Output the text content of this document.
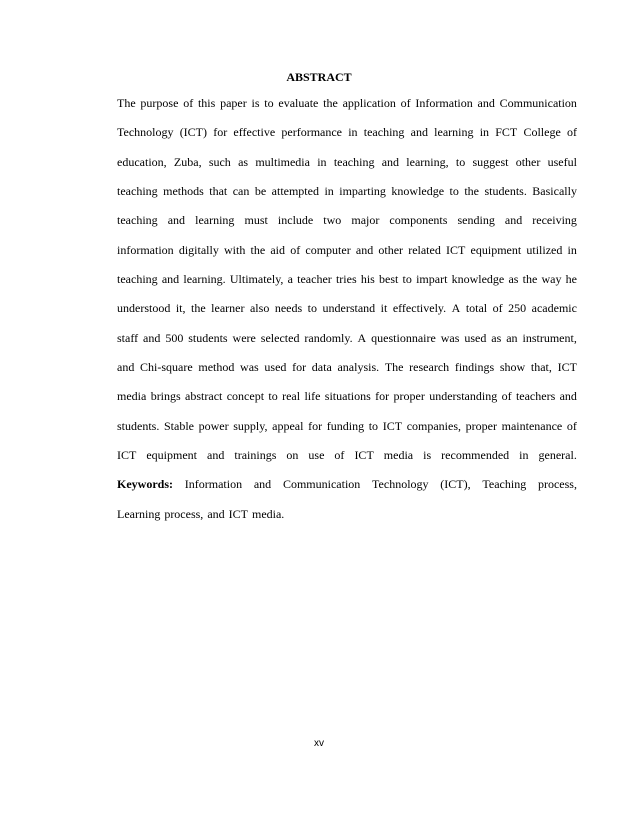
ABSTRACT
The purpose of this paper is to evaluate the application of Information and Communication
Technology (ICT) for effective performance in teaching and learning in FCT College of
education, Zuba, such as multimedia in teaching and learning, to suggest other useful
teaching methods that can be attempted in imparting knowledge to the students. Basically
teaching and learning must include two major components sending and receiving
information digitally with the aid of computer and other related ICT equipment utilized in
teaching and learning. Ultimately, a teacher tries his best to impart knowledge as the way he
understood it, the learner also needs to understand it effectively. A total of 250 academic
staff and 500 students were selected randomly. A questionnaire was used as an instrument,
and Chi-square method was used for data analysis. The research findings show that, ICT
media brings abstract concept to real life situations for proper understanding of teachers and
students. Stable power supply, appeal for funding to ICT companies, proper maintenance of
ICT equipment and trainings on use of ICT media is recommended in general.
Keywords: Information and Communication Technology (ICT), Teaching process,
Learning process, and ICT media.
xv
